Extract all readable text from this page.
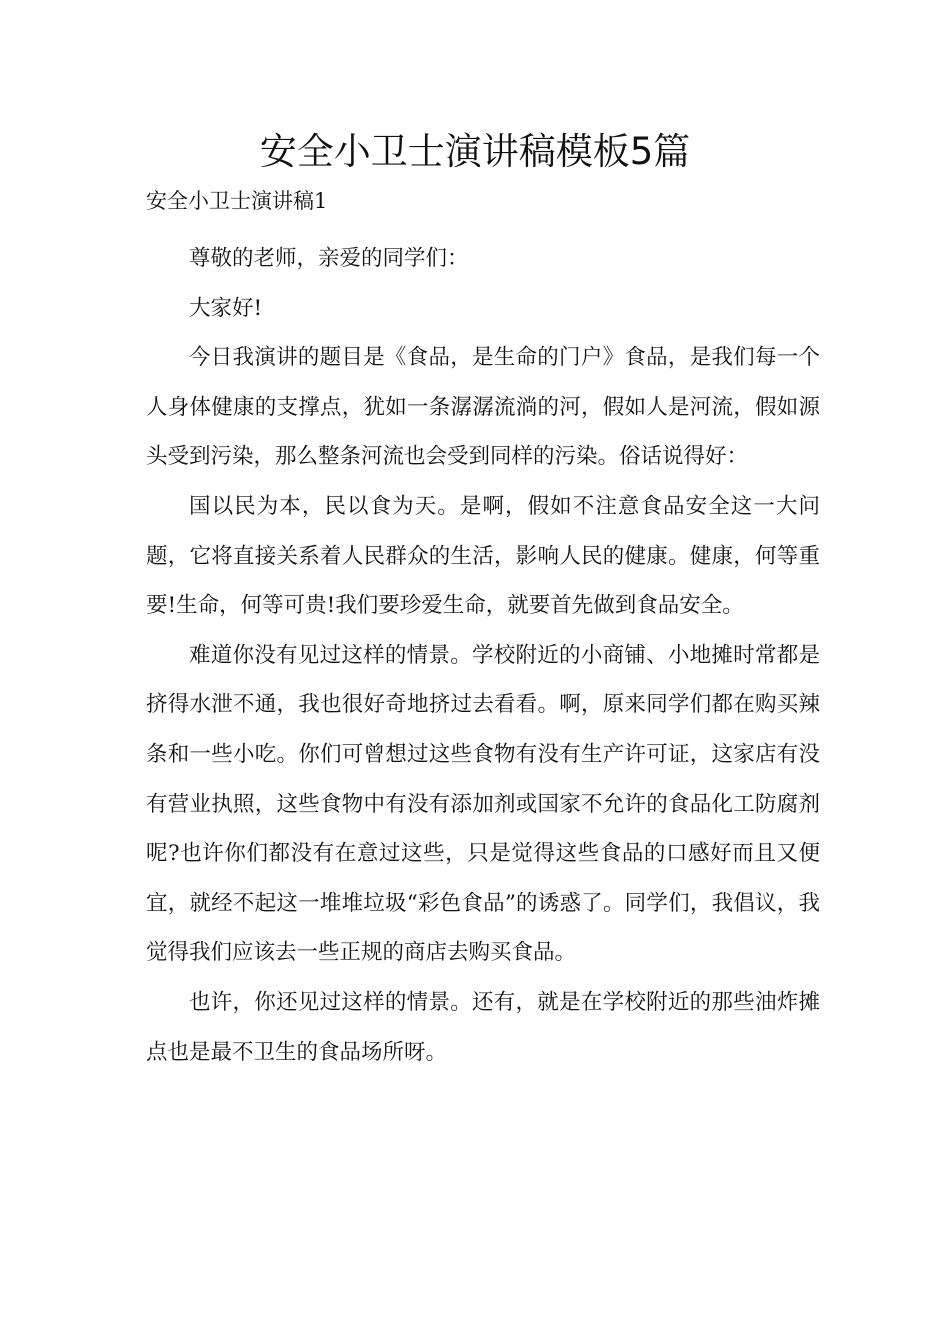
安全小卫士演讲稿模板5篇
安全小卫士演讲稿1

尊敬的老师，亲爱的同学们：

大家好!

今日我演讲的题目是《食品，是生命的门户》食品，是我们每一个人身体健康的支撑点，犹如一条潺潺流淌的河，假如人是河流，假如源头受到污染，那么整条河流也会受到同样的污染。俗话说得好：

国以民为本，民以食为天。是啊，假如不注意食品安全这一大问题，它将直接关系着人民群众的生活，影响人民的健康。健康，何等重要!生命，何等可贵!我们要珍爱生命，就要首先做到食品安全。

难道你没有见过这样的情景。学校附近的小商铺、小地摊时常都是挤得水泄不通，我也很好奇地挤过去看看。啊，原来同学们都在购买辣条和一些小吃。你们可曾想过这些食物有没有生产许可证，这家店有没有营业执照，这些食物中有没有添加剂或国家不允许的食品化工防腐剂呢?也许你们都没有在意过这些，只是觉得这些食品的口感好而且又便宜，就经不起这一堆堆垃圾“彩色食品”的诱惑了。同学们，我倡议，我觉得我们应该去一些正规的商店去购买食品。

也许，你还见过这样的情景。还有，就是在学校附近的那些油炸摊点也是最不卫生的食品场所呀。
